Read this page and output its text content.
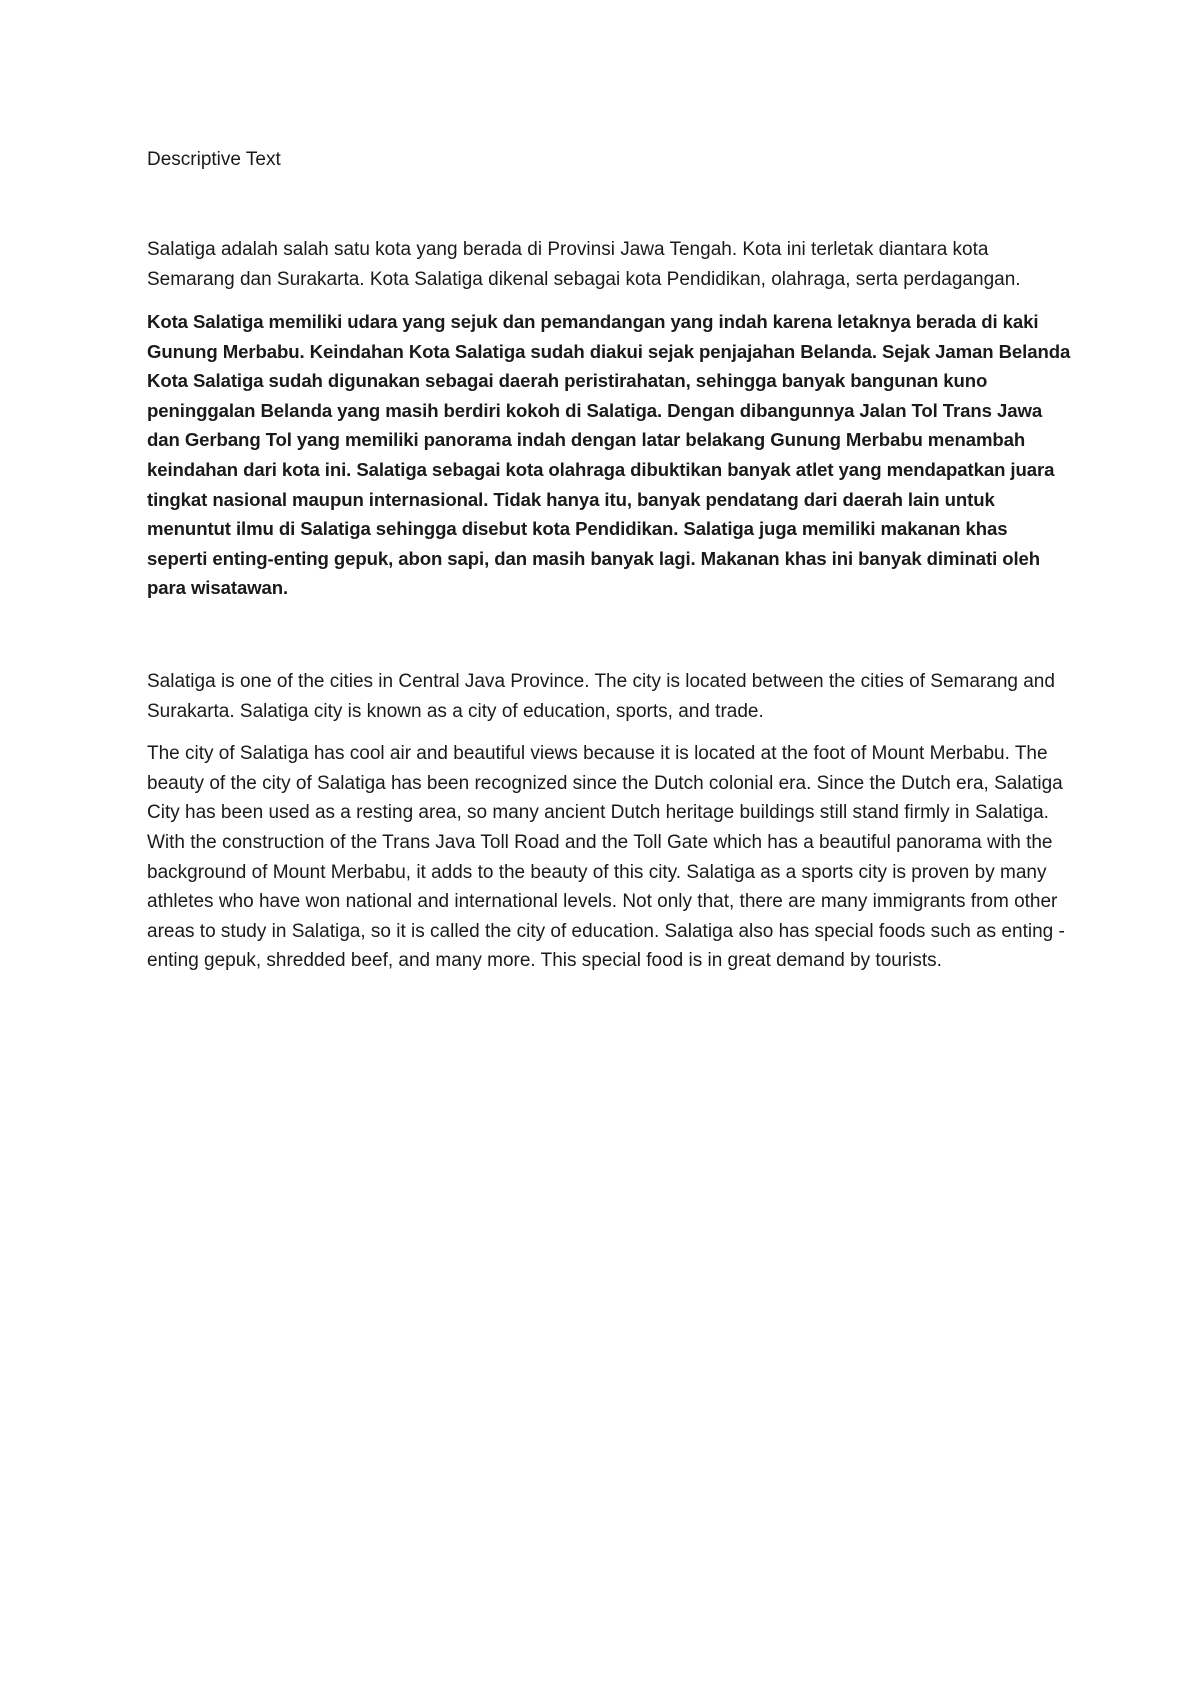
Descriptive Text

Salatiga adalah salah satu kota yang berada di Provinsi Jawa Tengah. Kota ini terletak diantara kota Semarang dan Surakarta. Kota Salatiga dikenal sebagai kota Pendidikan, olahraga, serta perdagangan.

Kota Salatiga memiliki udara yang sejuk dan pemandangan yang indah karena letaknya berada di kaki Gunung Merbabu. Keindahan Kota Salatiga sudah diakui sejak penjajahan Belanda. Sejak Jaman Belanda Kota Salatiga sudah digunakan sebagai daerah peristirahatan, sehingga banyak bangunan kuno peninggalan Belanda yang masih berdiri kokoh di Salatiga. Dengan dibangunnya Jalan Tol Trans Jawa dan Gerbang Tol yang memiliki panorama indah dengan latar belakang Gunung Merbabu menambah keindahan dari kota ini. Salatiga sebagai kota olahraga dibuktikan banyak atlet yang mendapatkan juara tingkat nasional maupun internasional. Tidak hanya itu, banyak pendatang dari daerah lain untuk menuntut ilmu di Salatiga sehingga disebut kota Pendidikan. Salatiga juga memiliki makanan khas seperti enting-enting gepuk, abon sapi, dan masih banyak lagi. Makanan khas ini banyak diminati oleh para wisatawan.

Salatiga is one of the cities in Central Java Province. The city is located between the cities of Semarang and Surakarta. Salatiga city is known as a city of education, sports, and trade.

The city of Salatiga has cool air and beautiful views because it is located at the foot of Mount Merbabu. The beauty of the city of Salatiga has been recognized since the Dutch colonial era. Since the Dutch era, Salatiga City has been used as a resting area, so many ancient Dutch heritage buildings still stand firmly in Salatiga. With the construction of the Trans Java Toll Road and the Toll Gate which has a beautiful panorama with the background of Mount Merbabu, it adds to the beauty of this city. Salatiga as a sports city is proven by many athletes who have won national and international levels. Not only that, there are many immigrants from other areas to study in Salatiga, so it is called the city of education. Salatiga also has special foods such as enting - enting gepuk, shredded beef, and many more. This special food is in great demand by tourists.
